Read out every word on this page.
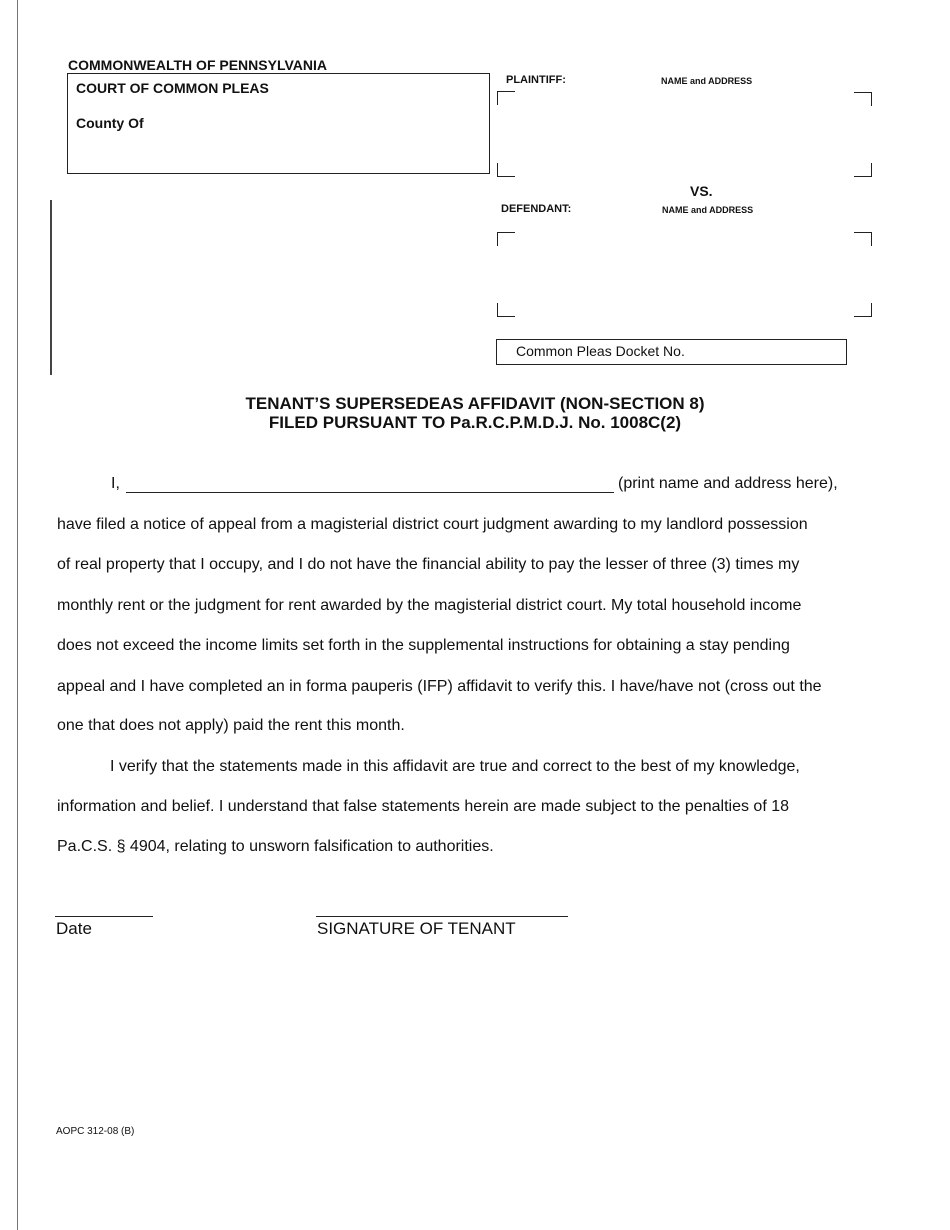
COMMONWEALTH OF PENNSYLVANIA
COURT OF COMMON PLEAS
County Of
PLAINTIFF:	NAME and ADDRESS
VS.
DEFENDANT:	NAME and ADDRESS
Common Pleas Docket No.
TENANT’S SUPERSEDEAS AFFIDAVIT (NON-SECTION 8)
FILED PURSUANT TO Pa.R.C.P.M.D.J. No. 1008C(2)
I,	(print name and address here),
have filed a notice of appeal from a magisterial district court judgment awarding to my landlord possession
of real property that I occupy, and I do not have the financial ability to pay the lesser of three (3) times my
monthly rent or the judgment for rent awarded by the magisterial district court. My total household income
does not exceed the income limits set forth in the supplemental instructions for obtaining a stay pending
appeal and I have completed an in forma pauperis (IFP) affidavit to verify this. I have/have not (cross out the
one that does not apply) paid the rent this month.
I verify that the statements made in this affidavit are true and correct to the best of my knowledge,
information and belief. I understand that false statements herein are made subject to the penalties of 18
Pa.C.S. § 4904, relating to unsworn falsification to authorities.
Date	SIGNATURE OF TENANT
AOPC 312-08 (B)
